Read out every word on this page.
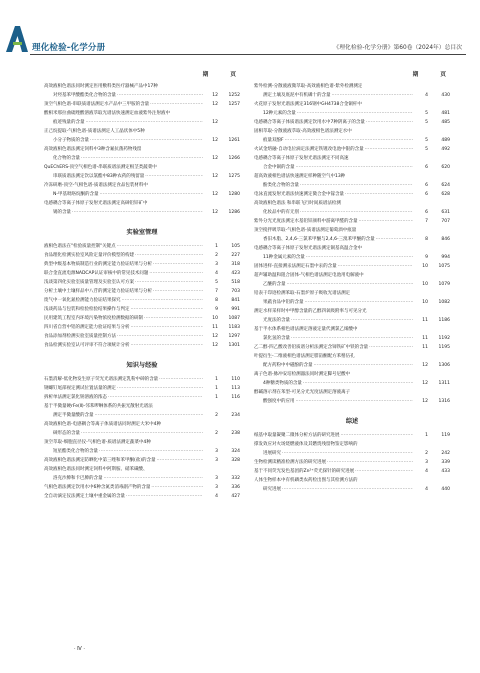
理化检验-化学分册	《理化检验-化学分册》第60卷（2024年）总目次
期	页
高效液相色谱法同时测定医用敷料类医疗器械产品中17种
对羟基苯甲酸酯类化合物的含量 ·····	12	1252
顶空气相色谱-串联质谱法测定水产品中三甲胺的含量 ·····	12	1257
酸相米那拉曲硫唑酸溶液萃取光谱法快速测定血液紫外注射液中
痕迹残量的含量 ·····	12
正己烷提取-气相色谱-质谱法测定人工晶状体中5种
小分子物质的含量 ·····	12	1261
高效液相色谱法测定饲料中3种含氟抗菌药物残留
化合物的含量 ·····	12	1266
QuEChERS-顶空气相色谱-串联质谱法测定根茎类蔬菜中
串联质谱法测定饮以氯酯中83种农药的残留量 ·····	12	1275
冷冻研磨-顶空-气相色谱-质谱法测定食品包装材料中
N-甲基吡咯烷酮的含量 ·····	12	1280
电感耦合等离子体原子发射光谱法测定高砷铅锌矿中
锡的含量 ·····	12	1286
实验室管理
液相色谱法在"检验质量控制"关键点 ·····	1	105
食品理化检测实验室风险定量评价模型的构建 ·····	2	227
典型中级基本物质制造行业的测定能力验证结果与分析 ·····	3	318
联合金直流电源NADCAP认证审核中的常见技术问题 ·····	4	423
浅谈第四化实验室质量管理及实验室认可方案 ·····	5	518
分析土壤中土壤样品中八苷的测定能力验证结果与分析 ·····	7	703
废气中一氧化氮检测能力验证结果探究 ·····	8	841
浅谈药品与包装和检验检验结果操作与判定 ·····	9	991
民用建筑工程室内环境污染物浓度检测数据的研制 ·····	10	1087
四川省自营中铝的测定能力验证结果与分析 ·····	11	1183
食品添加剂检测实验室质量控制方法 ·····	12	1297
食品检测实验室认可评审不符合项统计分析 ·····	12	1301
知识与经验
石墨消解-低化物发生原子荧光光谱法测定乳粉中砷的含量 ·····	1	110
钢螺钉尾部视定测试位置法量的测定 ·····	1	113
拆析单法测定氯化钠溶液的浓态 ·····	1	116
基于半微量硬rFe(Ⅱ)-邻苯啰啉体系的共振光散射光谱法
测定半微量酸的含量 ·····	2	234
高效液相色谱-电感耦合等离子体质谱法同时测定大米中4种
砷形态的含量 ·····	2	238
顶空萃取-细胞直径仪-气相色谱-质谱法测定蔬菜中4种
短星酯类化合物的含量 ·····	3	324
高效液相色谱法测定防晒化中第三唑和苯甲酮(盐)的含量 ·····	3	328
高效液相色谱法同时测定饲料中阿斯胺、硝苯磺酸、
洛克沙胂和卡巴胂的含量 ·····	3	332
气相色谱法测定饮用水中6种含氮类消毒副产物的含量 ·····	3	336
全自动滴定仪法测定土壤中重金属的含量 ·····	4	427
期	页
紫外检测-分散液液微萃取-高效液相色谱-紫外检测测定
测定土壤及底泥中有机磷十的含量 ·····	4	430
火花原子发射光谱法测定316钢中GH4738合金铜杆中
12种元素的含量 ·····	5	481
电感耦合等离子体质谱法测定饮用水中7种阴离子的含量 ·····	5	485
固相萃取-分散液液萃取-高效液相色谱法测定水中
痕量双酚F ·····	5	489
火试金熔融-自动电位滴定法测定铁锂改电池中银的含量 ·····	5	492
电感耦合等离子体原子发射光谱法测定不同高速
合金中铜的含量 ·····	6	620
超高效液相色谱法快速测定样种随空气中13种
酚类化合物的含量 ·····	6	624
电泳直流发射光谱法快速测定微合金中镓含量 ·····	6	628
高效液相色谱法 和串联飞行时间质谱法检测
化妆品中的有无别 ·····	6	631
紫外分光光度法测定水基铅锌颜料中游离甲醛的含量 ·····	7	707
顶空搅拌吸萃取-气相色谱-质谱法测定葡萄酒中痕量
香旧木脂、2,4,6-三氯苯甲醚与2,4,6-三溴苯甲醚的含量 ·····	8	846
电感耦合等离子体原子发射光谱法测定铜基高温合金中
11种金属元素的含量 ·····	9	994
固体进样-直接测汞法测定石墨中汞的含量 ·····	10	1075
超声辅助温和阻合固体-气相色谱法测定电池用电解液中
乙醚的含量 ·····	10	1079
铅表干印迹检测苯取-石墨炉原子吸收光谱法测定
果蔬食品中铅的含量 ·····	10	1082
测定水样采样时中甲醇含量的乙醇四氧吸附率与可见分光
光度法的含量 ·····	11	1186
基于半水体系相色谱法测定溶液定量代测氯乙烯酸中
氯化氢的含量 ·····	11	1192
乙二醇-四乙酸改善铅质谱分析法测定含铈铁矿中铁的含量 ·····	11	1195
叶提衍生-二维液相色谱法测定腓甾酮配方苯鬃伍孔
配方药粉中中磁酚的含量 ·····	12	1306
离子色谱-脉冲安培检测器法同时测定脚号尼酸中
4种糖类物质的含量 ·····	12	1311
醇碱溶示剂在苯型-可见分光光度法测定溶液离子
酸强度中的应用 ·····	12	1316
综述
纸基中取量凝聚二微体分析方法的研究进展 ·····	1	119
撑发效应对火场烧燃液体及其燃烧残留物鉴定影响的
进展研究 ·····	2	242
生物检测读精准检测方法的研究进展 ·····	3	339
基于不同荧光发色基团的Zn²⁺荧光探针的研究进展 ·····	4	433
人体生物样本中有机磷类农药检出图与其检测方法的
研究进展 ·····	4	440
· Ⅳ ·
